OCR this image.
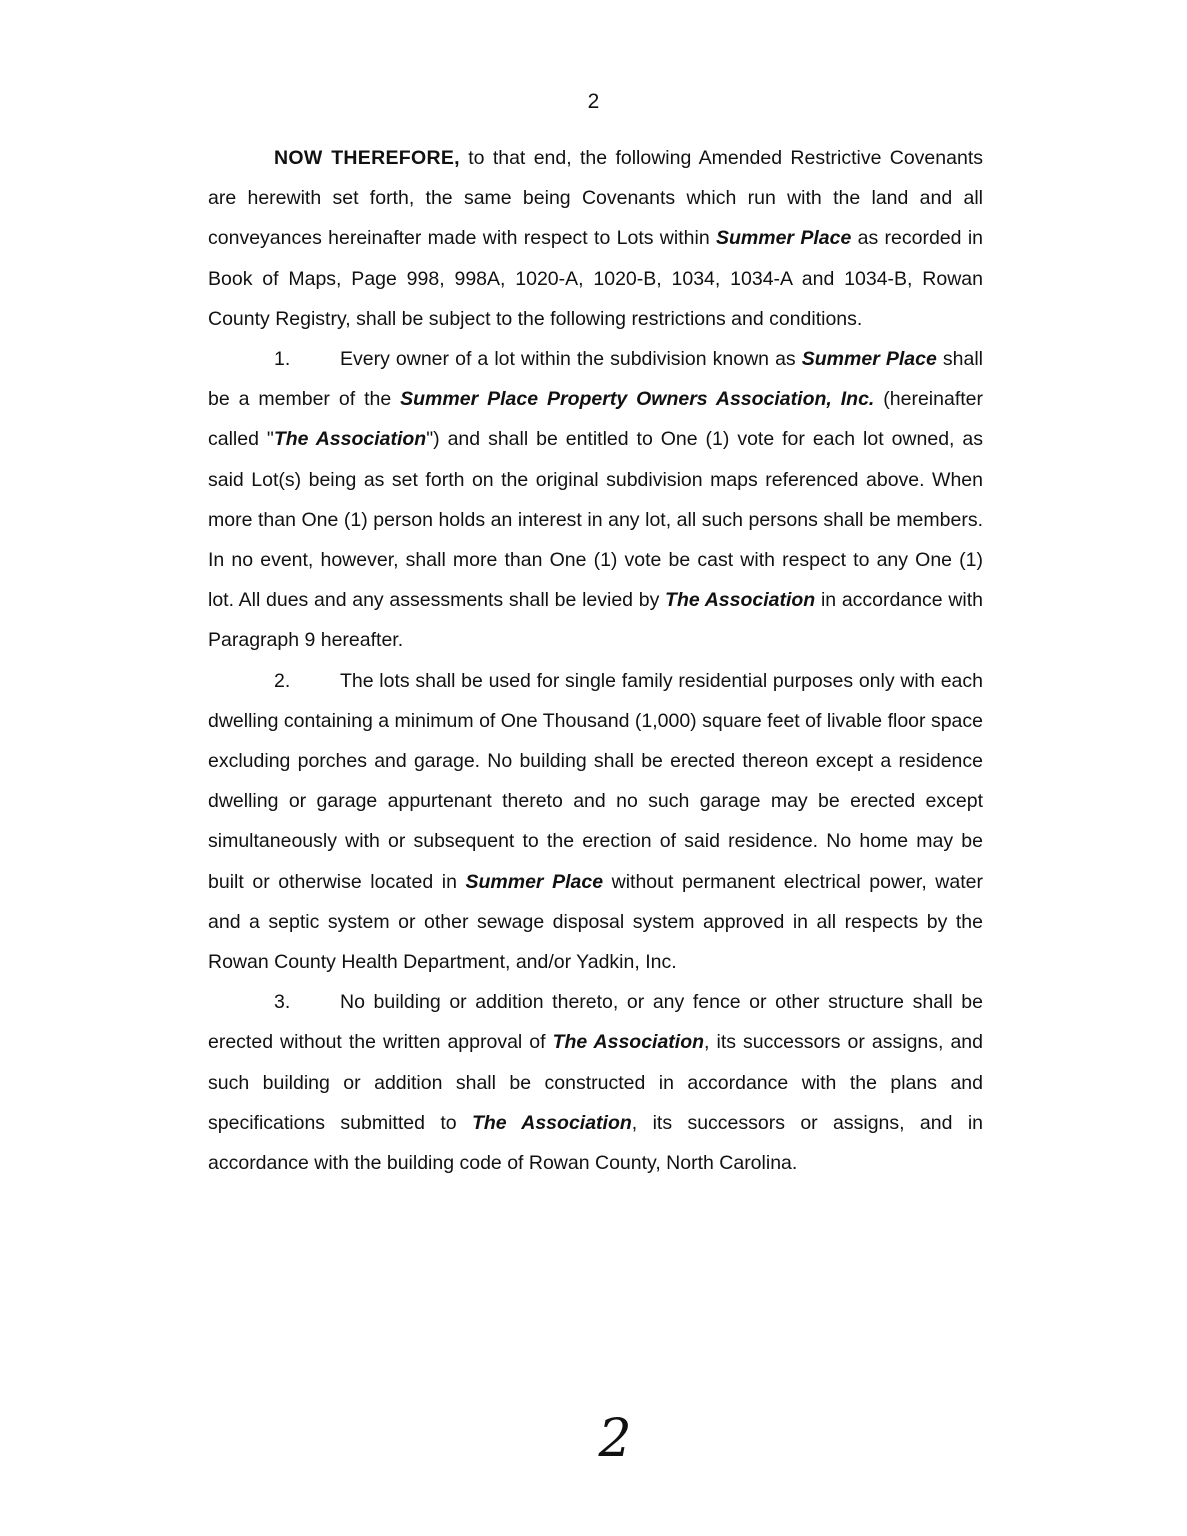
2

NOW THEREFORE, to that end, the following Amended Restrictive Covenants are herewith set forth, the same being Covenants which run with the land and all conveyances hereinafter made with respect to Lots within Summer Place as recorded in Book of Maps, Page 998, 998A, 1020-A, 1020-B, 1034, 1034-A and 1034-B, Rowan County Registry, shall be subject to the following restrictions and conditions.

1.	Every owner of a lot within the subdivision known as Summer Place shall be a member of the Summer Place Property Owners Association, Inc. (hereinafter called "The Association") and shall be entitled to One (1) vote for each lot owned, as said Lot(s) being as set forth on the original subdivision maps referenced above. When more than One (1) person holds an interest in any lot, all such persons shall be members. In no event, however, shall more than One (1) vote be cast with respect to any One (1) lot. All dues and any assessments shall be levied by The Association in accordance with Paragraph 9 hereafter.

2.	The lots shall be used for single family residential purposes only with each dwelling containing a minimum of One Thousand (1,000) square feet of livable floor space excluding porches and garage. No building shall be erected thereon except a residence dwelling or garage appurtenant thereto and no such garage may be erected except simultaneously with or subsequent to the erection of said residence. No home may be built or otherwise located in Summer Place without permanent electrical power, water and a septic system or other sewage disposal system approved in all respects by the Rowan County Health Department, and/or Yadkin, Inc.

3.	No building or addition thereto, or any fence or other structure shall be erected without the written approval of The Association, its successors or assigns, and such building or addition shall be constructed in accordance with the plans and specifications submitted to The Association, its successors or assigns, and in accordance with the building code of Rowan County, North Carolina.

2
